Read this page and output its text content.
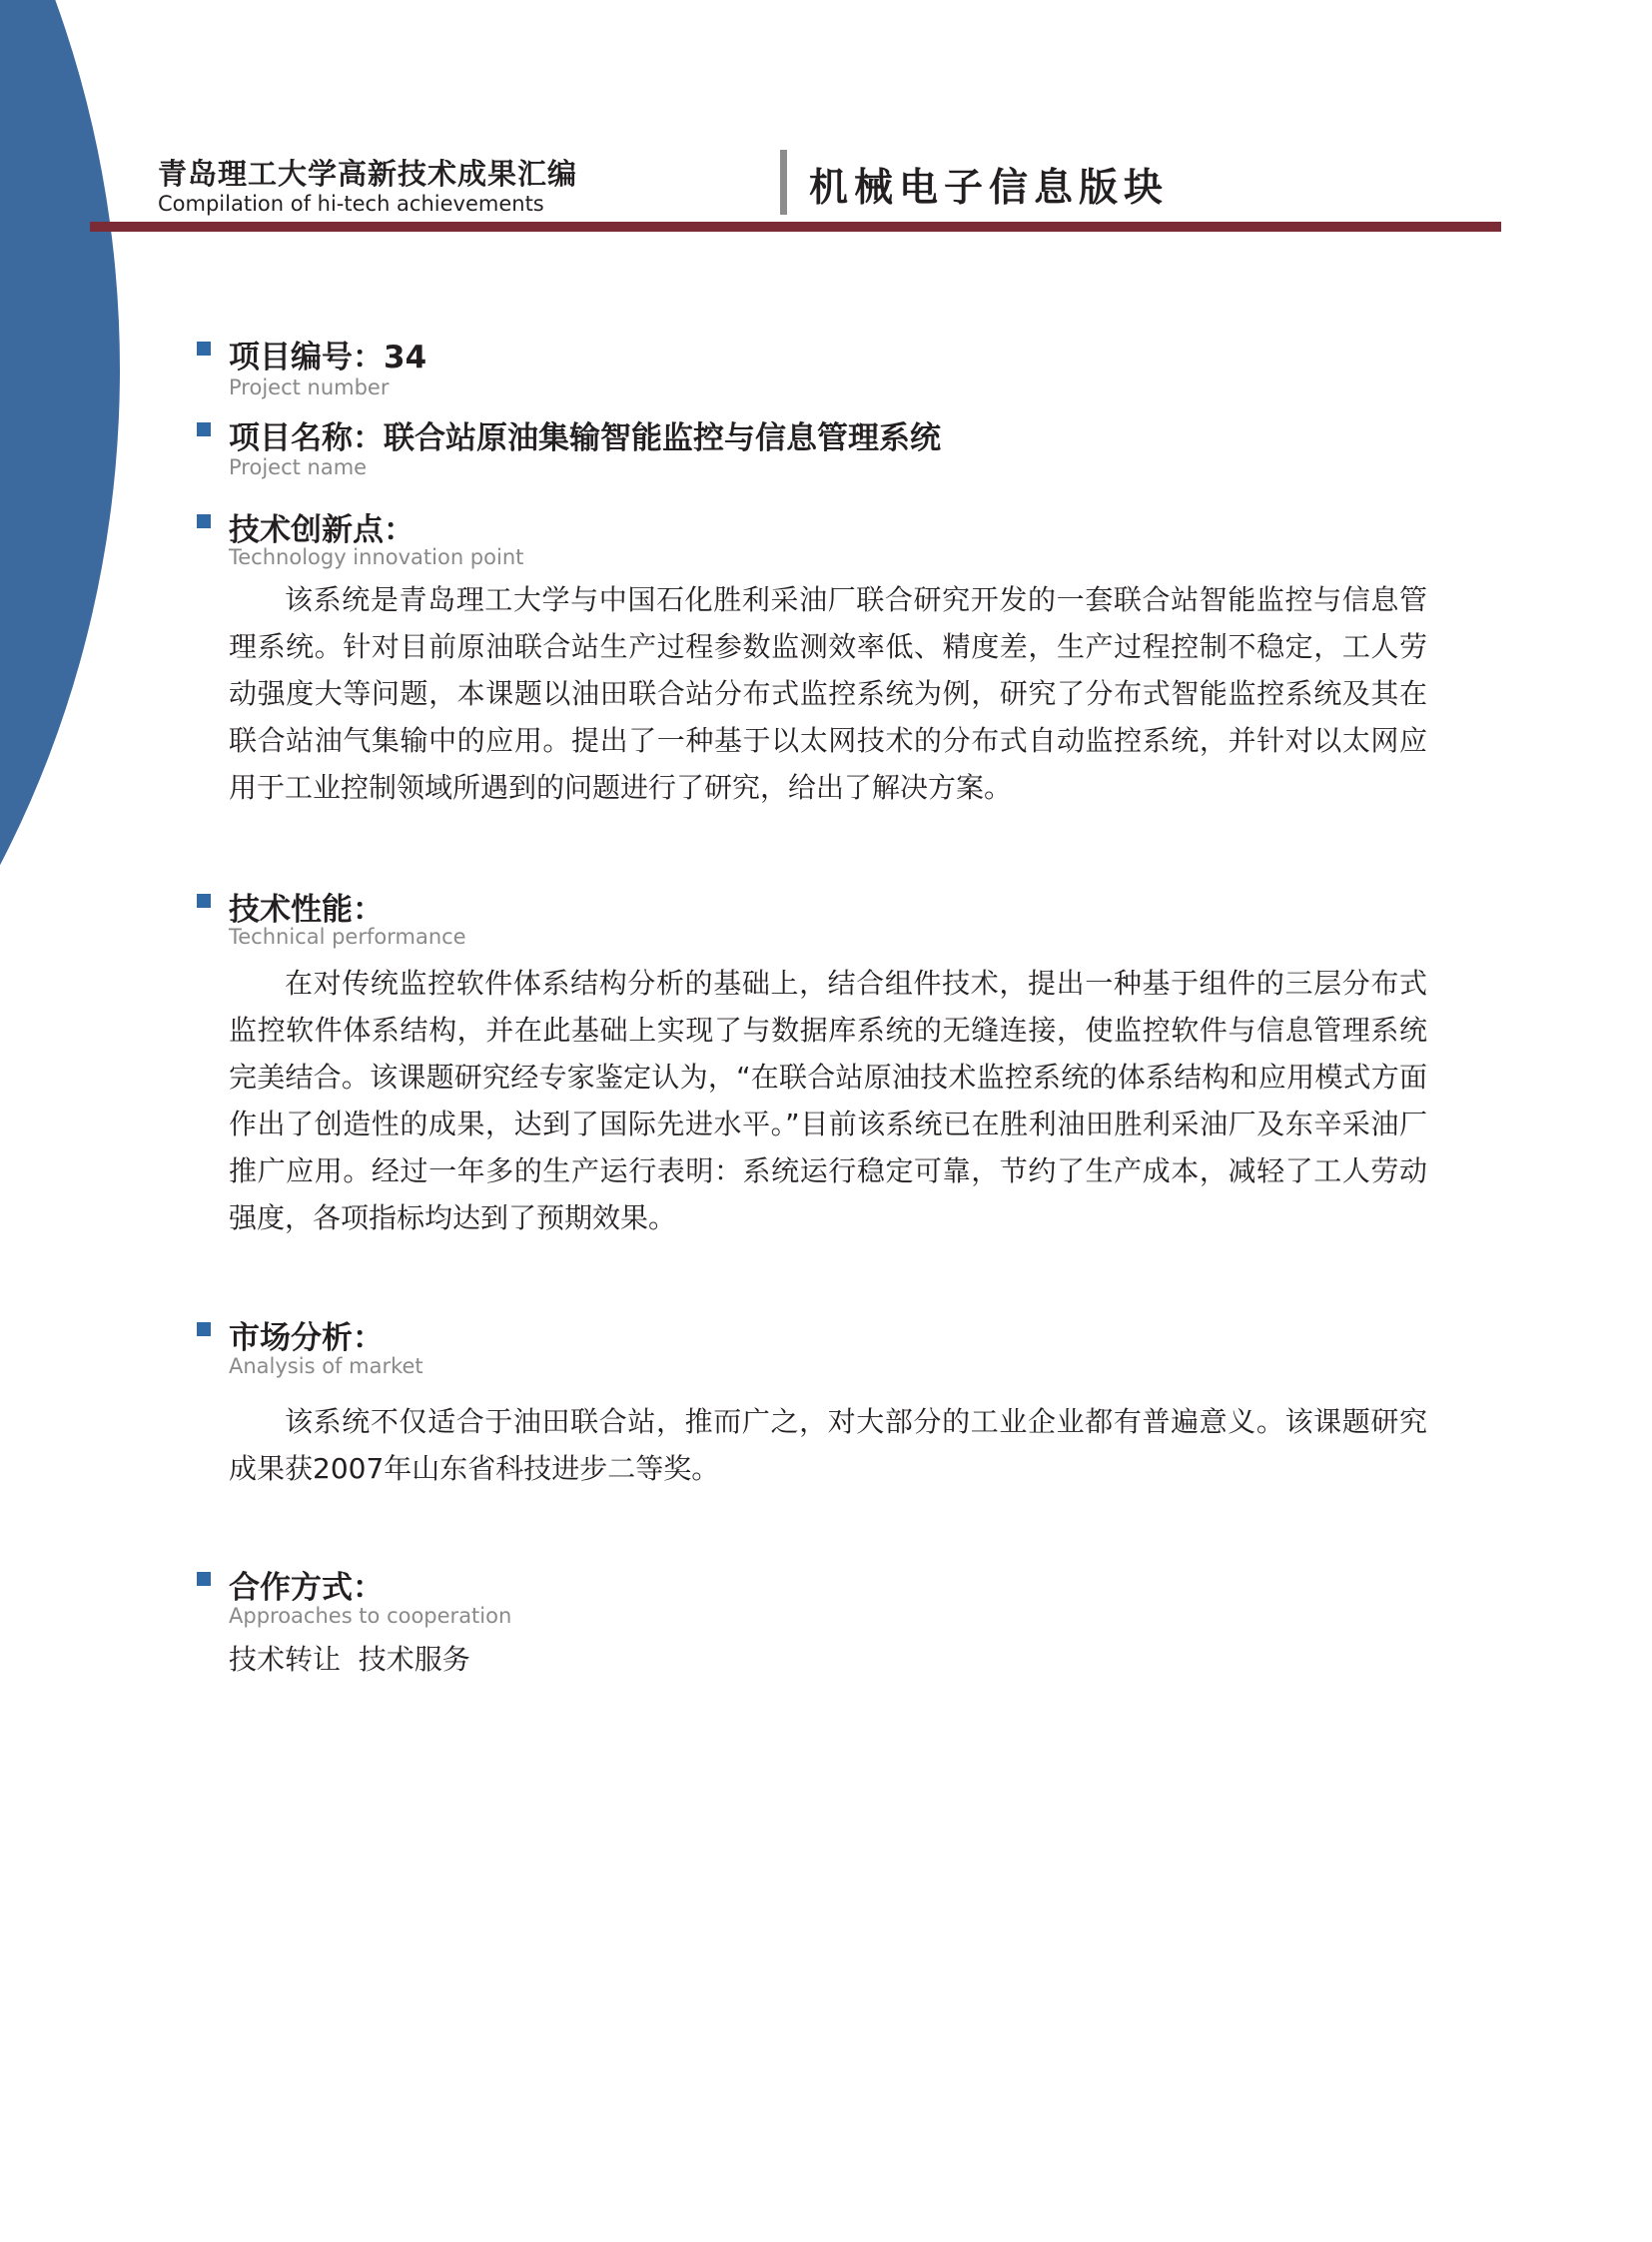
青岛理工大学高新技术成果汇编
Compilation of hi-tech achievements	机械电子信息版块
项目编号：34
Project number
项目名称：联合站原油集输智能监控与信息管理系统
Project name
技术创新点：
Technology innovation point

该系统是青岛理工大学与中国石化胜利采油厂联合研究开发的一套联合站智能监控与信息管理系统。针对目前原油联合站生产过程参数监测效率低、精度差，生产过程控制不稳定，工人劳动强度大等问题，本课题以油田联合站分布式监控系统为例，研究了分布式智能监控系统及其在联合站油气集输中的应用。提出了一种基于以太网技术的分布式自动监控系统，并针对以太网应用于工业控制领域所遇到的问题进行了研究，给出了解决方案。

技术性能：
Technical performance

在对传统监控软件体系结构分析的基础上，结合组件技术，提出一种基于组件的三层分布式监控软件体系结构，并在此基础上实现了与数据库系统的无缝连接，使监控软件与信息管理系统完美结合。该课题研究经专家鉴定认为，“在联合站原油技术监控系统的体系结构和应用模式方面作出了创造性的成果，达到了国际先进水平。”目前该系统已在胜利油田胜利采油厂及东辛采油厂推广应用。经过一年多的生产运行表明：系统运行稳定可靠，节约了生产成本，减轻了工人劳动强度，各项指标均达到了预期效果。

市场分析：
Analysis of market

该系统不仅适合于油田联合站，推而广之，对大部分的工业企业都有普遍意义。该课题研究成果获2007年山东省科技进步二等奖。

合作方式：
Approaches to cooperation
技术转让  技术服务
